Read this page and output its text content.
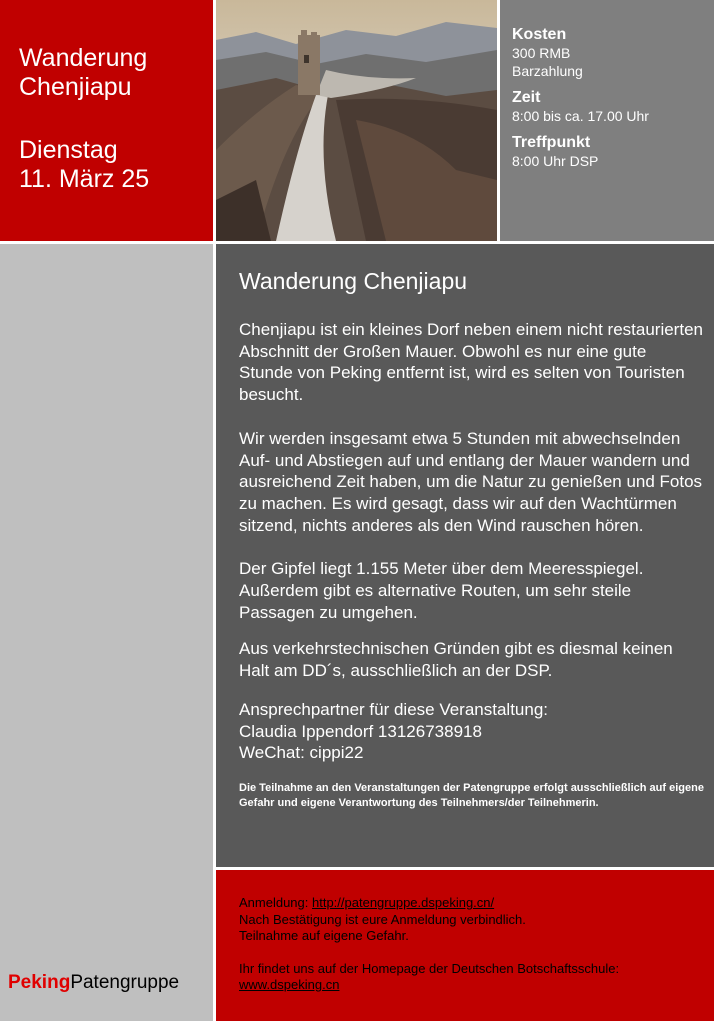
Wanderung

Chenjiapu

Dienstag

11. März 25

Kosten
300 RMB
Barzahlung
Zeit
8:00 bis ca. 17.00 Uhr
Treffpunkt
8:00 Uhr DSP
PekingPatengruppe
Wanderung Chenjiapu

Chenjiapu ist ein kleines Dorf neben einem nicht restaurierten Abschnitt der Großen Mauer. Obwohl es nur eine gute Stunde von Peking entfernt ist, wird es selten von Touristen besucht.

Wir werden insgesamt etwa 5 Stunden mit abwechselnden Auf- und Abstiegen auf und entlang der Mauer wandern und ausreichend Zeit haben, um die Natur zu genießen und Fotos zu machen. Es wird gesagt, dass wir auf den Wachtürmen sitzend, nichts anderes als den Wind rauschen hören.

Der Gipfel liegt 1.155 Meter über dem Meeresspiegel. Außerdem gibt es alternative Routen, um sehr steile Passagen zu umgehen.

Aus verkehrstechnischen Gründen gibt es diesmal keinen Halt am DD´s, ausschließlich an der DSP.

Ansprechpartner für diese Veranstaltung:
Claudia Ippendorf 13126738918
WeChat: cippi22

Die Teilnahme an den Veranstaltungen der Patengruppe erfolgt ausschließlich auf eigene Gefahr und eigene Verantwortung des Teilnehmers/der Teilnehmerin.

Anmeldung: http://patengruppe.dspeking.cn/
Nach Bestätigung ist eure Anmeldung verbindlich.
Teilnahme auf eigene Gefahr.
Ihr findet uns auf der Homepage der Deutschen Botschaftsschule:
www.dspeking.cn
